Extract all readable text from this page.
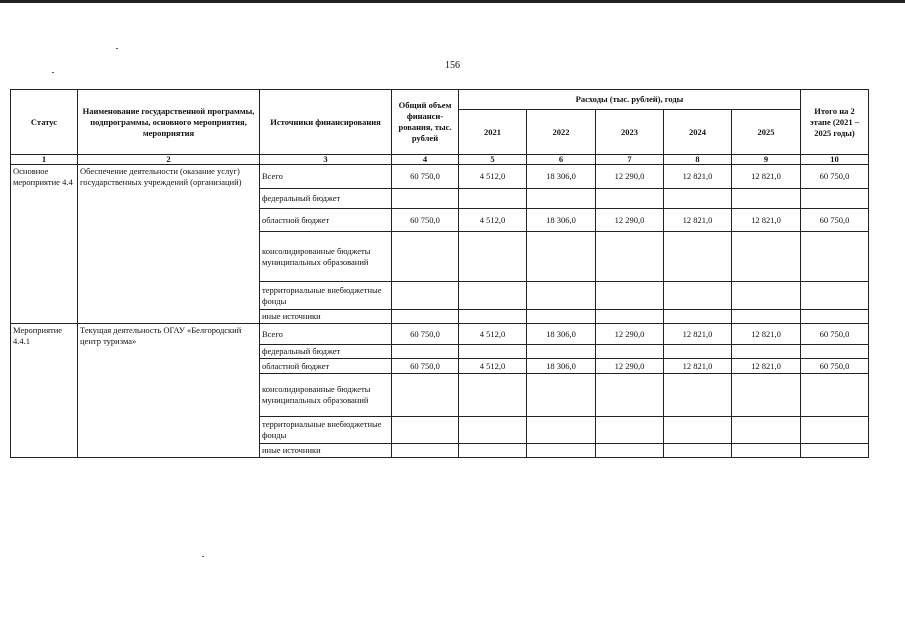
156
Статус	Наименование государственной программы, подпрограммы, основного мероприятия, мероприятия	Источники финансирования	Общий объем финанси-рования, тыс. рублей	Расходы (тыс. рублей), годы					Итого на 2 этапе (2021 – 2025 годы)
				2021	2022	2023	2024	2025	
1	2	3	4	5	6	7	8	9	10
Основное мероприятие 4.4	Обеспечение деятельности (оказание услуг) государственных учреждений (организаций)	Всего	60 750,0	4 512,0	18 306,0	12 290,0	12 821,0	12 821,0	60 750,0
		федеральный бюджет							
		областной бюджет	60 750,0	4 512,0	18 306,0	12 290,0	12 821,0	12 821,0	60 750,0
		консолидированные бюджеты муниципальных образований							
		территориальные внебюджетные фонды							
		иные источники							
Мероприятие 4.4.1	Текущая деятельность ОГАУ «Белгородский центр туризма»	Всего	60 750,0	4 512,0	18 306,0	12 290,0	12 821,0	12 821,0	60 750,0
		федеральный бюджет							
		областной бюджет	60 750,0	4 512,0	18 306,0	12 290,0	12 821,0	12 821,0	60 750,0
		консолидированные бюджеты муниципальных образований							
		территориальные внебюджетные фонды							
		иные источники							
